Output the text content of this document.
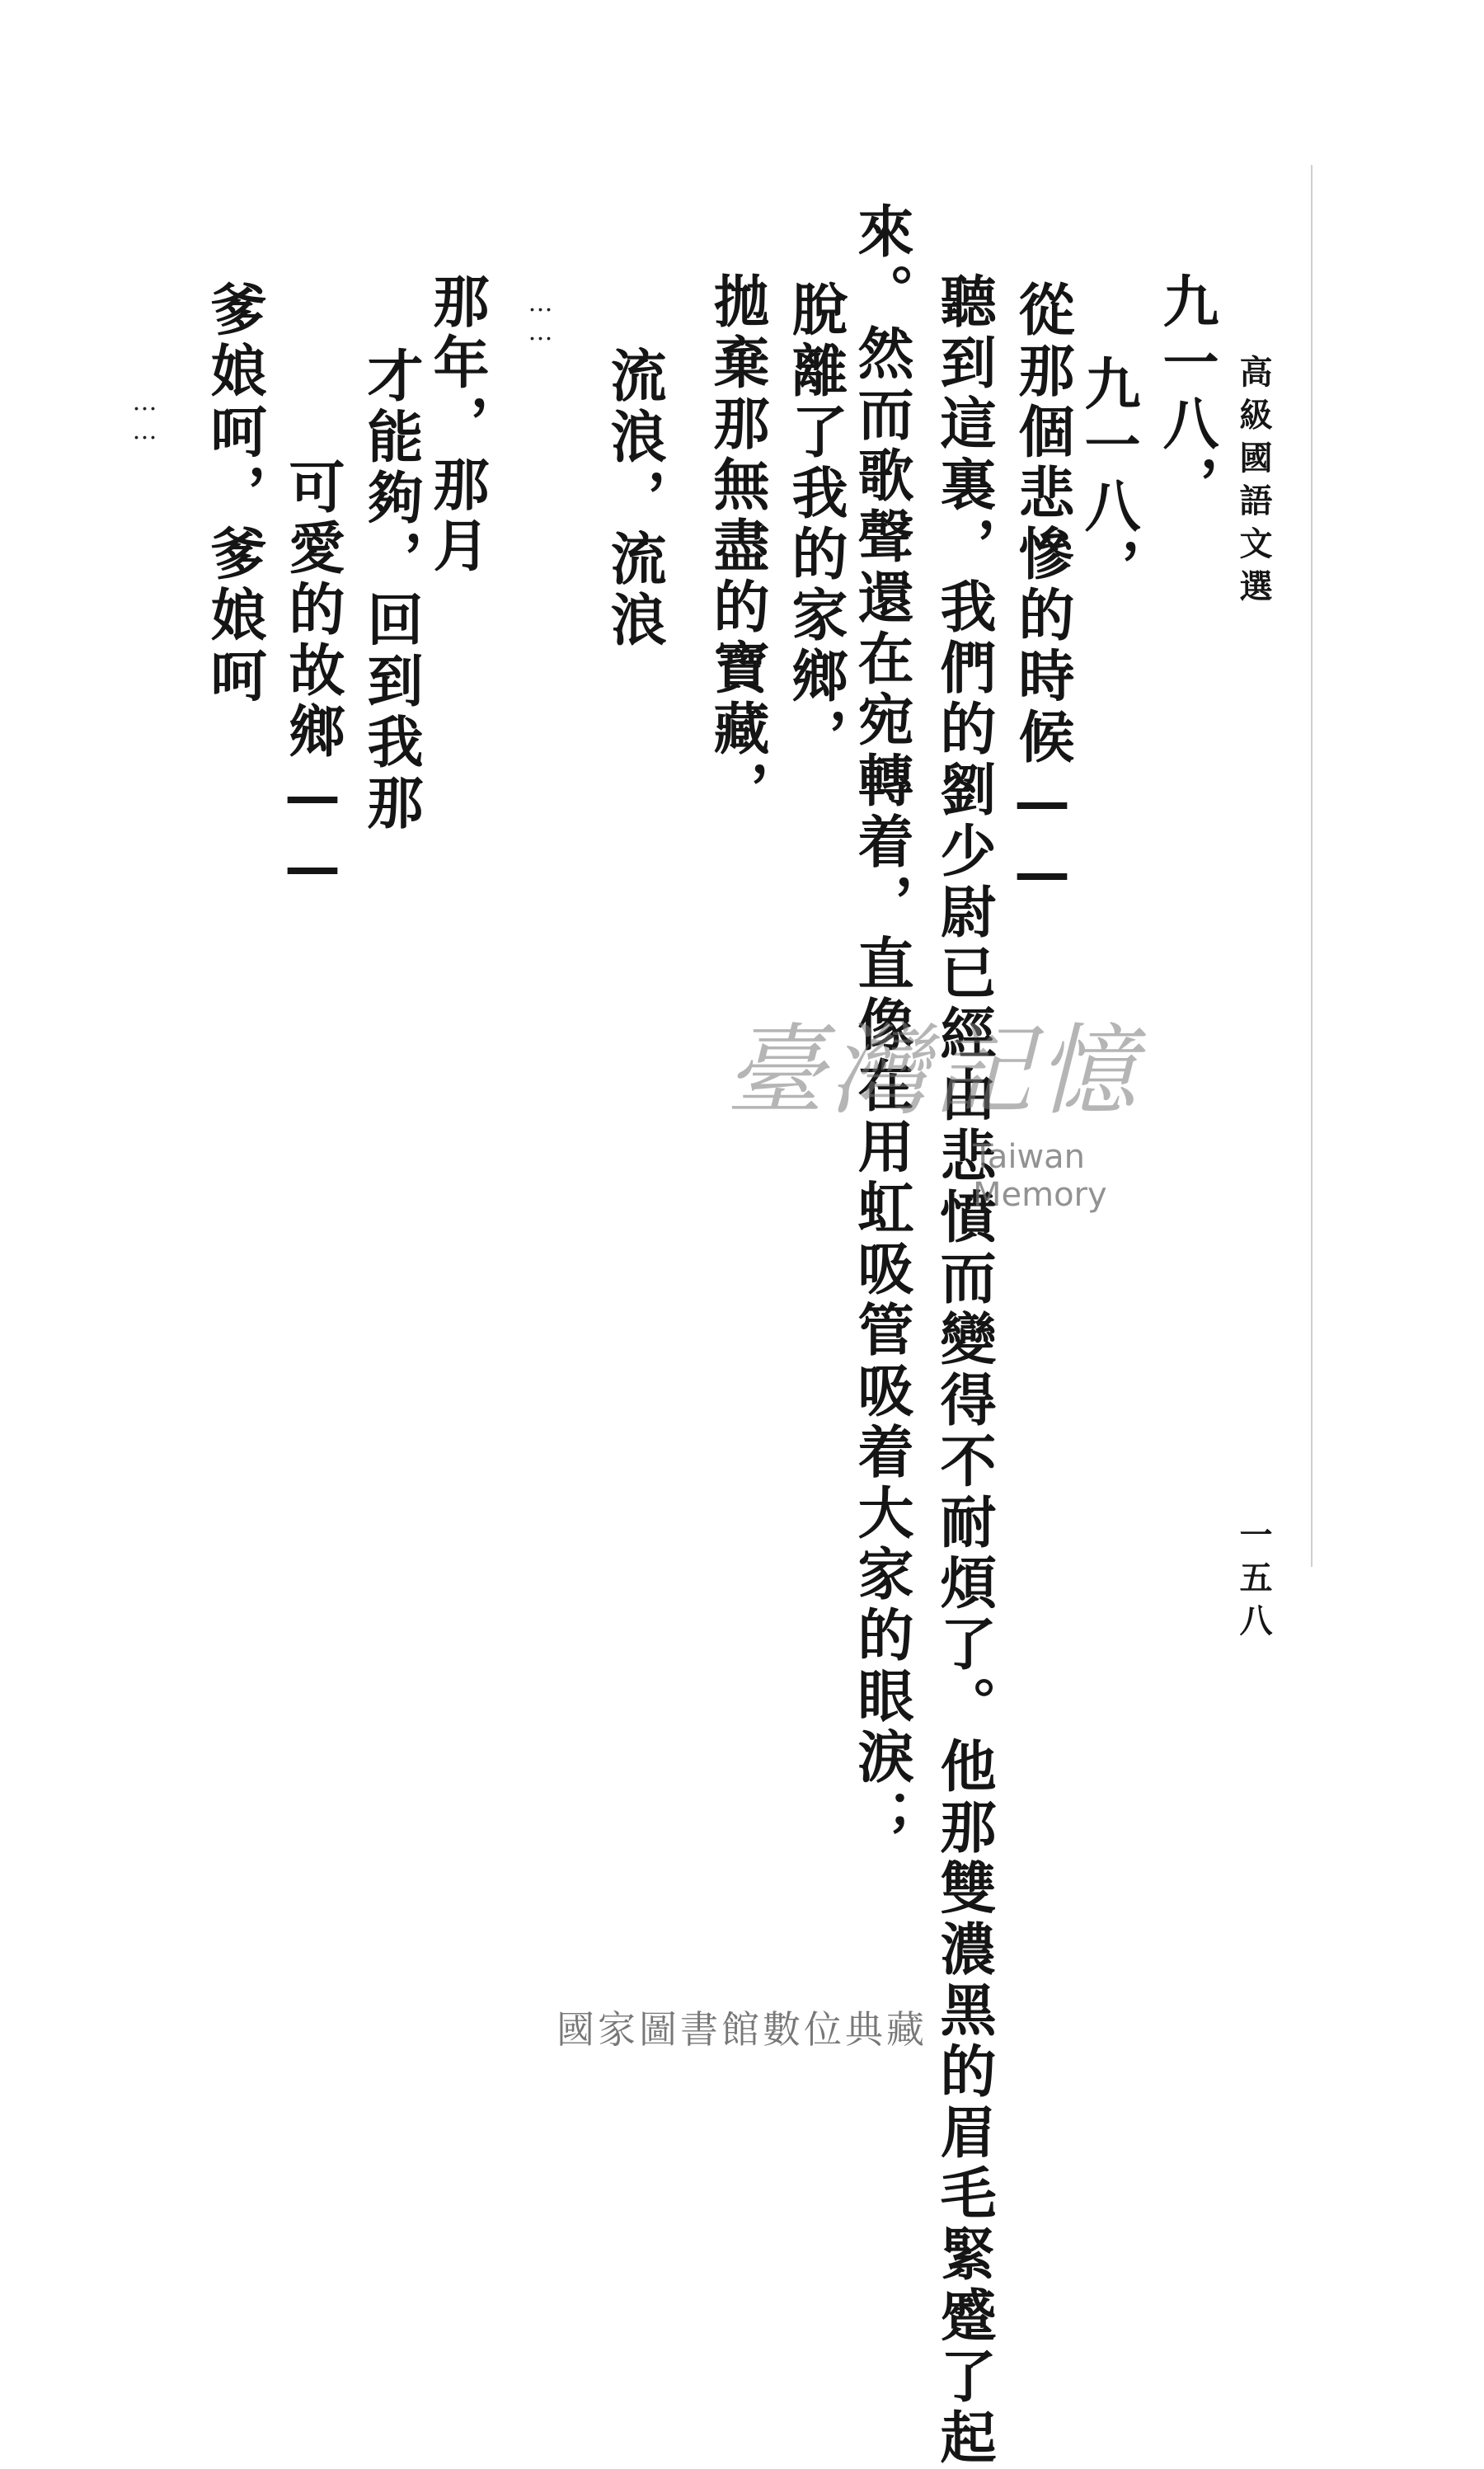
高級國語文選
一五八
九一八，
九一八，
從那個悲慘的時候——
聽到這裏，我們的劉少尉已經由悲憤而變得不耐煩了。他那雙濃黑的眉毛緊蹙了起
來。然而歌聲還在宛轉着，直像在用虹吸管吸着大家的眼淚；
脫離了我的家鄉，
拋棄那無盡的寶藏，
流浪，流浪
……
那年，那月
才能夠，回到我那
可愛的故鄉——
爹娘呵，爹娘呵
……
臺灣記憶
Taiwan Memory
國家圖書館數位典藏
